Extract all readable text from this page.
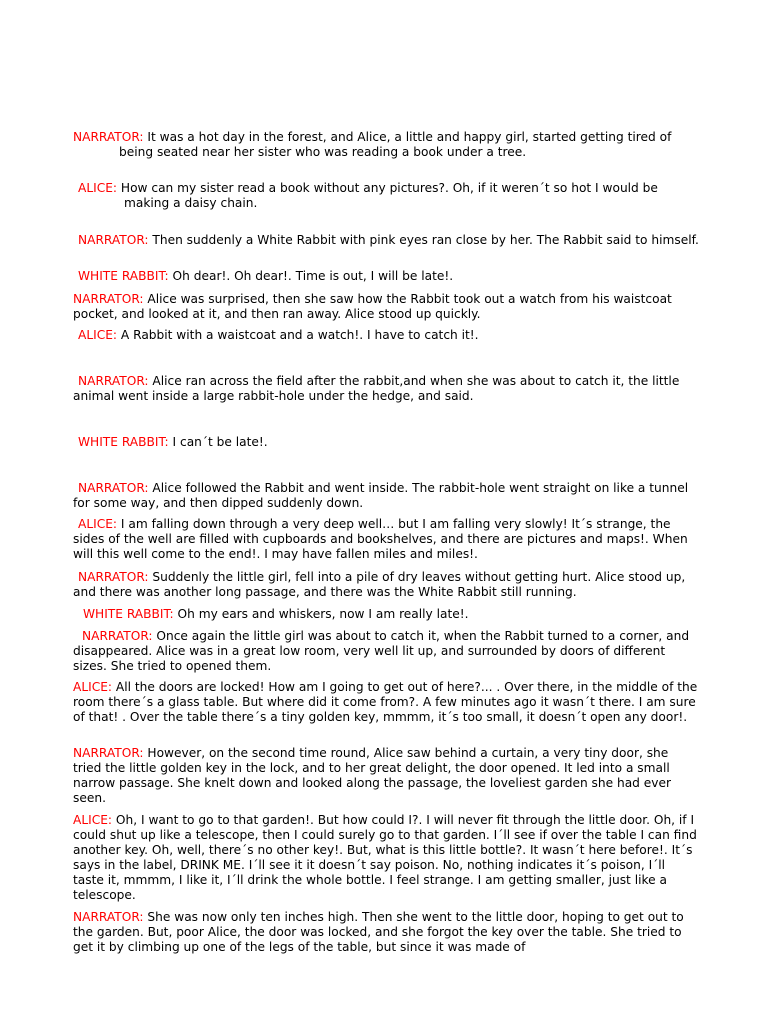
NARRATOR: It was a hot day in the forest, and Alice, a little and happy girl, started getting tired of being seated near her sister who was reading a book under a tree.

ALICE: How can my sister read a book without any pictures?. Oh, if it weren´t so hot I would be making a daisy chain.

NARRATOR: Then suddenly a White Rabbit with pink eyes ran close by her. The Rabbit said to himself.

WHITE RABBIT: Oh dear!. Oh dear!. Time is out, I will be late!.

NARRATOR: Alice was surprised, then she saw how the Rabbit took out a watch from his waistcoat pocket, and looked at it, and then ran away. Alice stood up quickly.

ALICE: A Rabbit with a waistcoat and a watch!. I have to catch it!.

NARRATOR: Alice ran across the field after the rabbit,and when she was about to catch it, the little animal went inside a large rabbit-hole under the hedge, and said.

WHITE RABBIT: I can´t be late!.

NARRATOR: Alice followed the Rabbit and went inside. The rabbit-hole went straight on like a tunnel for some way, and then dipped suddenly down.

ALICE: I am falling down through a very deep well… but I am falling very slowly! It´s strange, the sides of the well are filled with cupboards and bookshelves, and there are pictures and maps!. When will this well come to the end!. I may have fallen miles and miles!.

NARRATOR: Suddenly the little girl, fell into a pile of dry leaves without getting hurt. Alice stood up, and there was another long passage, and there was the White Rabbit still running.

WHITE RABBIT: Oh my ears and whiskers, now I am really late!.

NARRATOR: Once again the little girl was about to catch it, when the Rabbit turned to a corner, and disappeared. Alice was in a great low room, very well lit up, and surrounded by doors of different sizes. She tried to opened them.

ALICE: All the doors are locked! How am I going to get out of here?... . Over there, in the middle of the room there´s a glass table. But where did it come from?. A few minutes ago it wasn´t there. I am sure of that! . Over the table there´s a tiny golden key, mmmm, it´s too small, it doesn´t open any door!.

NARRATOR: However, on the second time round, Alice saw behind a curtain, a very tiny door, she tried the little golden key in the lock, and to her great delight, the door opened. It led into a small narrow passage. She knelt down and looked along the passage, the loveliest garden she had ever seen.

ALICE: Oh, I want to go to that garden!. But how could I?. I will never fit through the little door. Oh, if I could shut up like a telescope, then I could surely go to that garden. I´ll see if over the table I can find another key. Oh, well, there´s no other key!. But, what is this little bottle?. It wasn´t here before!. It´s says in the label, DRINK ME. I´ll see it it doesn´t say poison. No, nothing indicates it´s poison, I´ll taste it, mmmm, I like it, I´ll drink the whole bottle. I feel strange. I am getting smaller, just like a telescope.

NARRATOR: She was now only ten inches high. Then she went to the little door, hoping to get out to the garden. But, poor Alice, the door was locked, and she forgot the key over the table. She tried to get it by climbing up one of the legs of the table, but since it was made of
